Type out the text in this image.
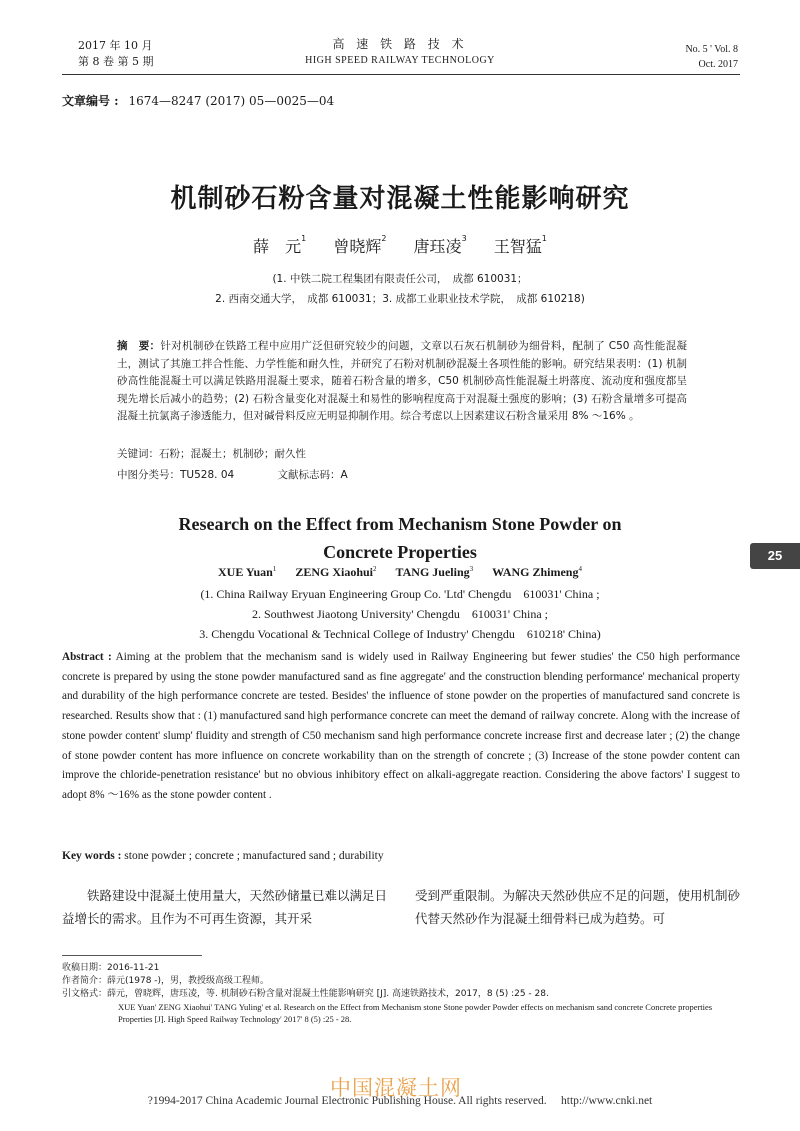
2017 年 10 月
第 8 卷 第 5 期
高 速 铁 路 技 术
HIGH SPEED RAILWAY TECHNOLOGY
No. 5 ' Vol. 8
Oct. 2017
文章编号 : 1674—8247 (2017) 05—0025—04
机制砂石粉含量对混凝土性能影响研究
薛　元$^1$ 曾晓辉$^2$ 唐珏凌$^3$ 王智猛$^1$
(1. 中铁二院工程集团有限责任公司，　成都 610031；
2. 西南交通大学，　成都 610031；3. 成都工业职业技术学院，　成都 610218)
摘　要：针对机制砂在铁路工程中应用广泛但研究较少的问题，文章以石灰石机制砂为细骨料，配制了 C50 高性能混凝土，测试了其施工拌合性能、力学性能和耐久性，并研究了石粉对机制砂混凝土各项性能的影响。研究结果表明：(1) 机制砂高性能混凝土可以满足铁路用混凝土要求，随着石粉含量的增多，C50 机制砂高性能混凝土坍落度、流动度和强度都呈现先增长后减小的趋势；(2) 石粉含量变化对混凝土和易性的影响程度高于对混凝土强度的影响；(3) 石粉含量增多可提高混凝土抗氯离子渗透能力，但对碱骨料反应无明显抑制作用。综合考虑以上因素建议石粉含量采用 8% ～16% 。
关键词：石粉；混凝土；机制砂；耐久性
中图分类号：TU528. 04	文献标志码：A
Research on the Effect from Mechanism Stone Powder on
Concrete Properties
XUE Yuan$^1$ ZENG Xiaohui$^2$ TANG Jueling$^3$ WANG Zhimeng$^4$
(1. China Railway Eryuan Engineering Group Co. 'Ltd' Chengdu　610031' China ;
2. Southwest Jiaotong University' Chengdu　610031' China ;
3. Chengdu Vocational & Technical College of Industry' Chengdu　610218' China)
Abstract : Aiming at the problem that the mechanism sand is widely used in Railway Engineering but fewer studies' the C50 high performance concrete is prepared by using the stone powder manufactured sand as fine aggregate' and the construction blending performance' mechanical property and durability of the high performance concrete are tested. Besides' the influence of stone powder on the properties of manufactured sand concrete is researched. Results show that : (1) manufactured sand high performance concrete can meet the demand of railway concrete. Along with the increase of stone powder content' slump' fluidity and strength of C50 mechanism sand high performance concrete increase first and decrease later ; (2) the change of stone powder content has more influence on concrete workability than on the strength of concrete ; (3) Increase of the stone powder content can improve the chloride-penetration resistance' but no obvious inhibitory effect on alkali-aggregate reaction. Considering the above factors' I suggest to adopt 8% ～16% as the stone powder content .
Key words : stone powder ; concrete ; manufactured sand ; durability
铁路建设中混凝土使用量大，天然砂储量已难以满足日益增长的需求。且作为不可再生资源，其开采
受到严重限制。为解决天然砂供应不足的问题，使用机制砂代替天然砂作为混凝土细骨料已成为趋势。可
收稿日期：2016-11-21
作者简介：薛元(1978 -)，男，教授级高级工程师。
引文格式：薛元，曾晓辉，唐珏凌，等. 机制砂石粉含量对混凝土性能影响研究 [J]. 高速铁路技术，2017，8 (5) :25 - 28.
XUE Yuan' ZENG Xiaohui' TANG Yuling' et al. Research on the Effect from Mechanism stone Stone powder Powder effects on mechanism sand concrete Concrete properties Properties [J]. High Speed Railway Technology' 2017' 8 (5) :25 - 28.
25
中国混凝土网
?1994-2017 China Academic Journal Electronic Publishing House. All rights reserved.　 http://www.cnki.net
